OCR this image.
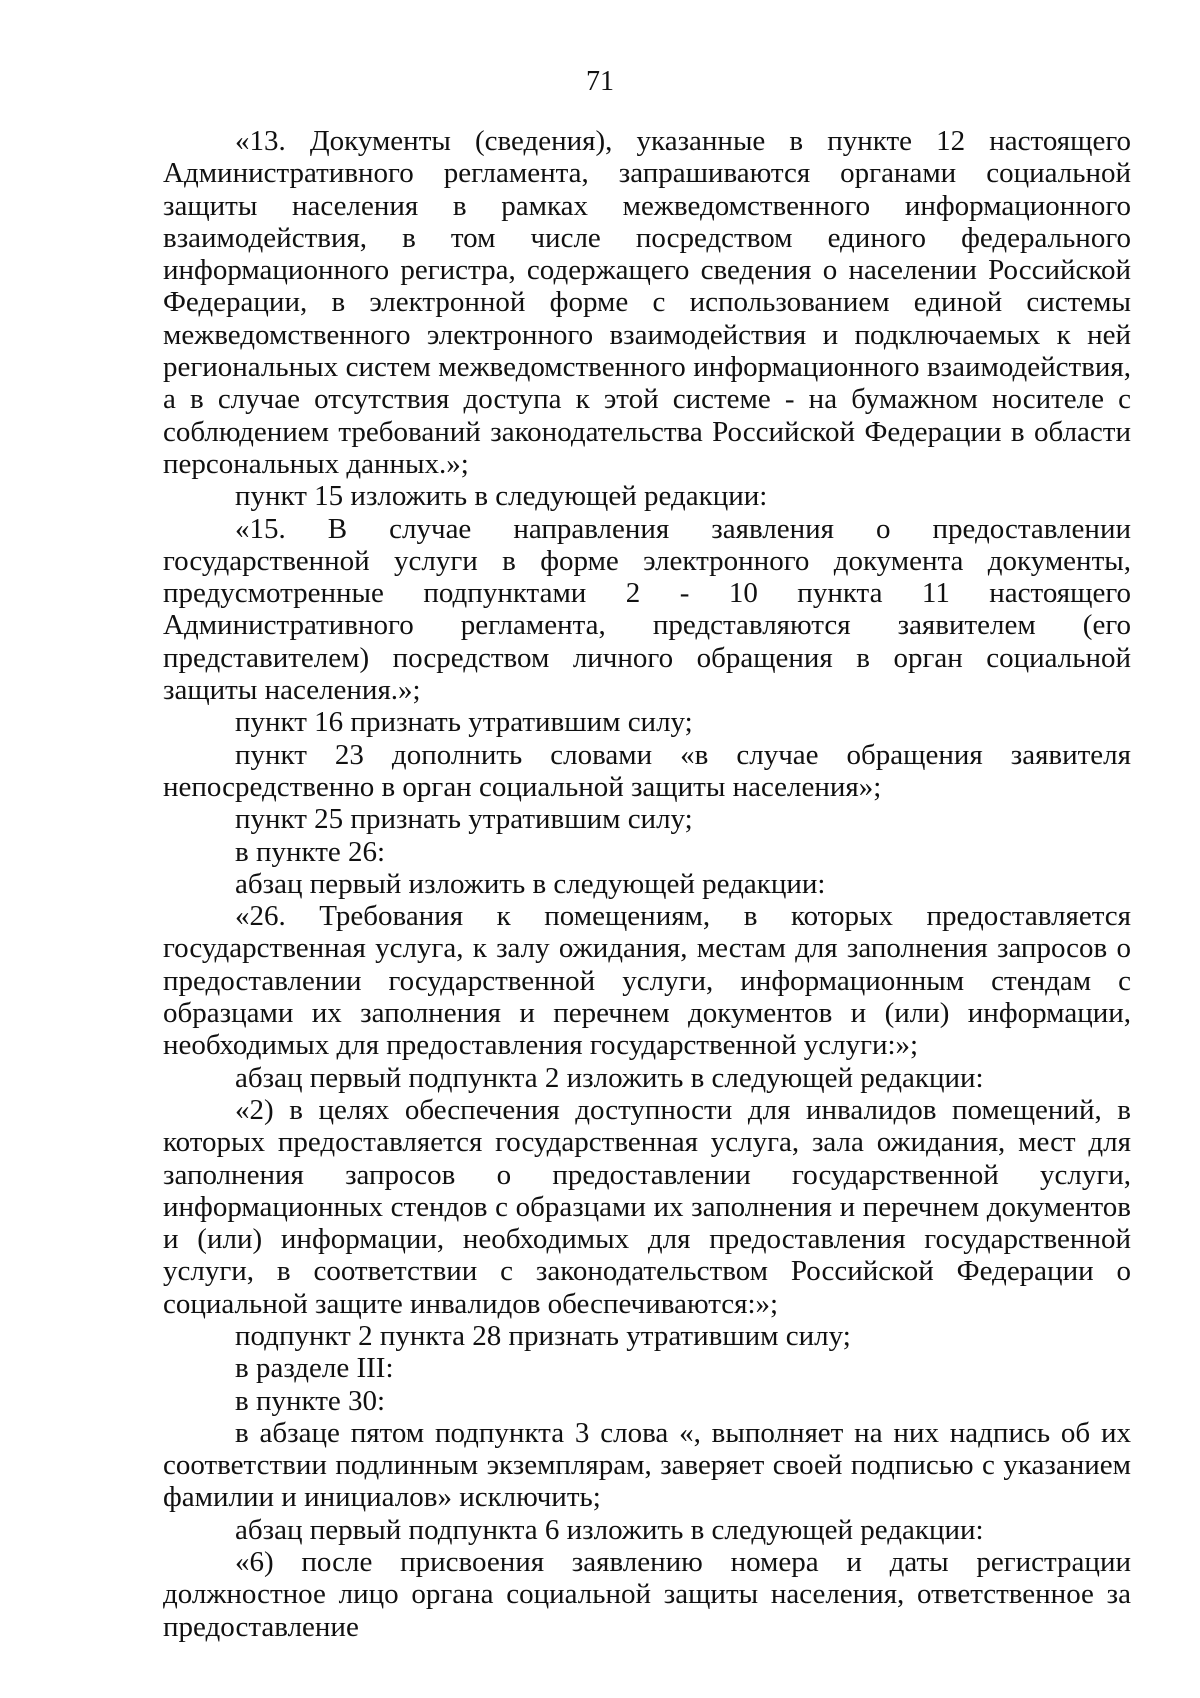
71

«13. Документы (сведения), указанные в пункте 12 настоящего Административного регламента, запрашиваются органами социальной защиты населения в рамках межведомственного информационного взаимодействия, в том числе посредством единого федерального информационного регистра, содержащего сведения о населении Российской Федерации, в электронной форме с использованием единой системы межведомственного электронного взаимодействия и подключаемых к ней региональных систем межведомственного информационного взаимодействия, а в случае отсутствия доступа к этой системе - на бумажном носителе с соблюдением требований законодательства Российской Федерации в области персональных данных.»;

пункт 15 изложить в следующей редакции:

«15. В случае направления заявления о предоставлении государственной услуги в форме электронного документа документы, предусмотренные подпунктами 2 - 10 пункта 11 настоящего Административного регламента, представляются заявителем (его представителем) посредством личного обращения в орган социальной защиты населения.»;

пункт 16 признать утратившим силу;

пункт 23 дополнить словами «в случае обращения заявителя непосредственно в орган социальной защиты населения»;

пункт 25 признать утратившим силу;

в пункте 26:

абзац первый изложить в следующей редакции:

«26. Требования к помещениям, в которых предоставляется государственная услуга, к залу ожидания, местам для заполнения запросов о предоставлении государственной услуги, информационным стендам с образцами их заполнения и перечнем документов и (или) информации, необходимых для предоставления государственной услуги:»;

абзац первый подпункта 2 изложить в следующей редакции:

«2) в целях обеспечения доступности для инвалидов помещений, в которых предоставляется государственная услуга, зала ожидания, мест для заполнения запросов о предоставлении государственной услуги, информационных стендов с образцами их заполнения и перечнем документов и (или) информации, необходимых для предоставления государственной услуги, в соответствии с законодательством Российской Федерации о социальной защите инвалидов обеспечиваются:»;

подпункт 2 пункта 28 признать утратившим силу;

в разделе III:

в пункте 30:

в абзаце пятом подпункта 3 слова «, выполняет на них надпись об их соответствии подлинным экземплярам, заверяет своей подписью с указанием фамилии и инициалов» исключить;

абзац первый подпункта 6 изложить в следующей редакции:

«6) после присвоения заявлению номера и даты регистрации должностное лицо органа социальной защиты населения, ответственное за предоставление
